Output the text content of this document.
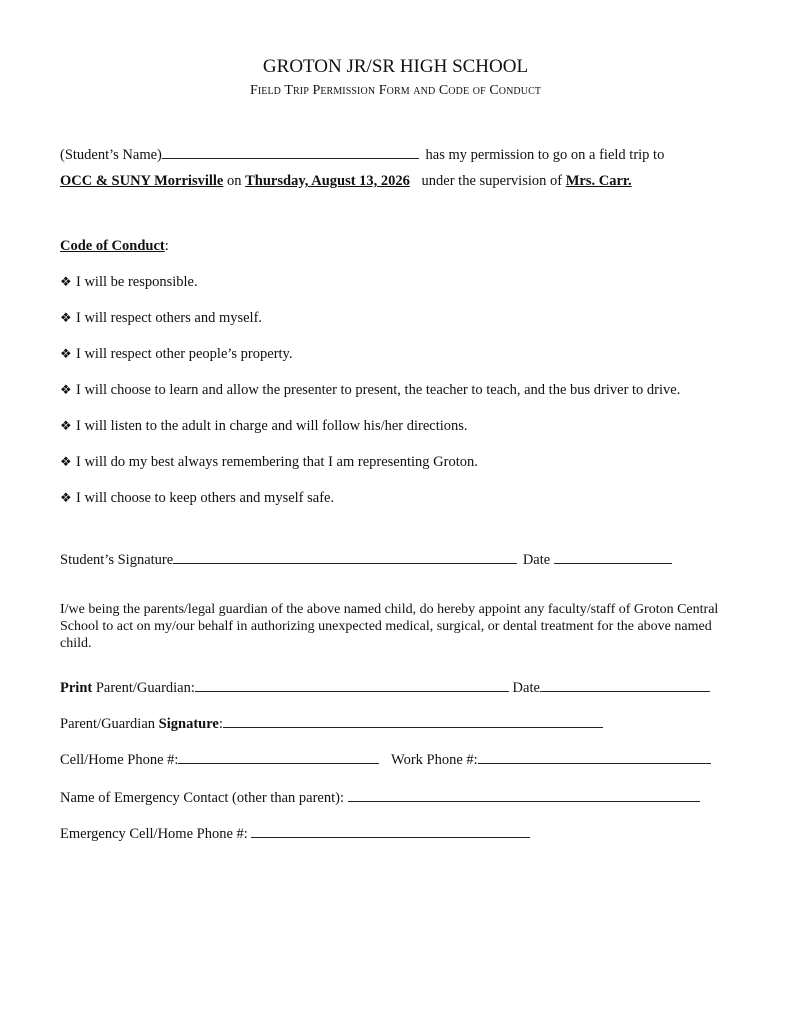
GROTON JR/SR HIGH SCHOOL
Field Trip Permission Form and Code of Conduct
(Student’s Name)	has my permission to go on a field trip to
OCC & SUNY Morrisville on Thursday, August 13, 2026 under the supervision of Mrs. Carr.
Code of Conduct:
❖ I will be responsible.
❖ I will respect others and myself.
❖ I will respect other people’s property.
❖ I will choose to learn and allow the presenter to present, the teacher to teach, and the bus driver to drive.
❖ I will listen to the adult in charge and will follow his/her directions.
❖ I will do my best always remembering that I am representing Groton.
❖ I will choose to keep others and myself safe.
Student’s Signature	Date
I/we being the parents/legal guardian of the above named child, do hereby appoint any faculty/staff of Groton Central School to act on my/our behalf in authorizing unexpected medical, surgical, or dental treatment for the above named child.
Print Parent/Guardian:	Date
Parent/Guardian Signature:
Cell/Home Phone #:	Work Phone #:
Name of Emergency Contact (other than parent):
Emergency Cell/Home Phone #:
